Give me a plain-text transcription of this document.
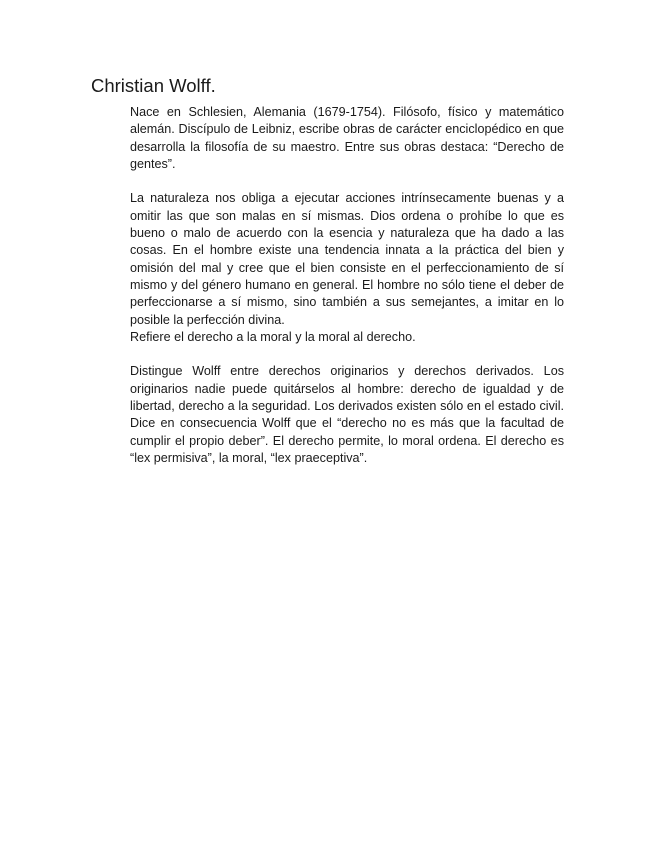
Christian Wolff.

Nace en Schlesien, Alemania (1679-1754). Filósofo, físico y matemático alemán. Discípulo de Leibniz, escribe obras de carácter enciclopédico en que desarrolla la filosofía de su maestro. Entre sus obras destaca: “Derecho de gentes”.

La naturaleza nos obliga a ejecutar acciones intrínsecamente buenas y a omitir las que son malas en sí mismas. Dios ordena o prohíbe lo que es bueno o malo de acuerdo con la esencia y naturaleza que ha dado a las cosas. En el hombre existe una tendencia innata a la práctica del bien y omisión del mal y cree que el bien consiste en el perfeccionamiento de sí mismo y del género humano en general. El hombre no sólo tiene el deber de perfeccionarse a sí mismo, sino también a sus semejantes, a imitar en lo posible la perfección divina.

Refiere el derecho a la moral y la moral al derecho.

Distingue Wolff entre derechos originarios y derechos derivados. Los originarios nadie puede quitárselos al hombre: derecho de igualdad y de libertad, derecho a la seguridad. Los derivados existen sólo en el estado civil. Dice en consecuencia Wolff que el “derecho no es más que la facultad de cumplir el propio deber”. El derecho permite, lo moral ordena. El derecho es “lex permisiva”, la moral, “lex praeceptiva”.
